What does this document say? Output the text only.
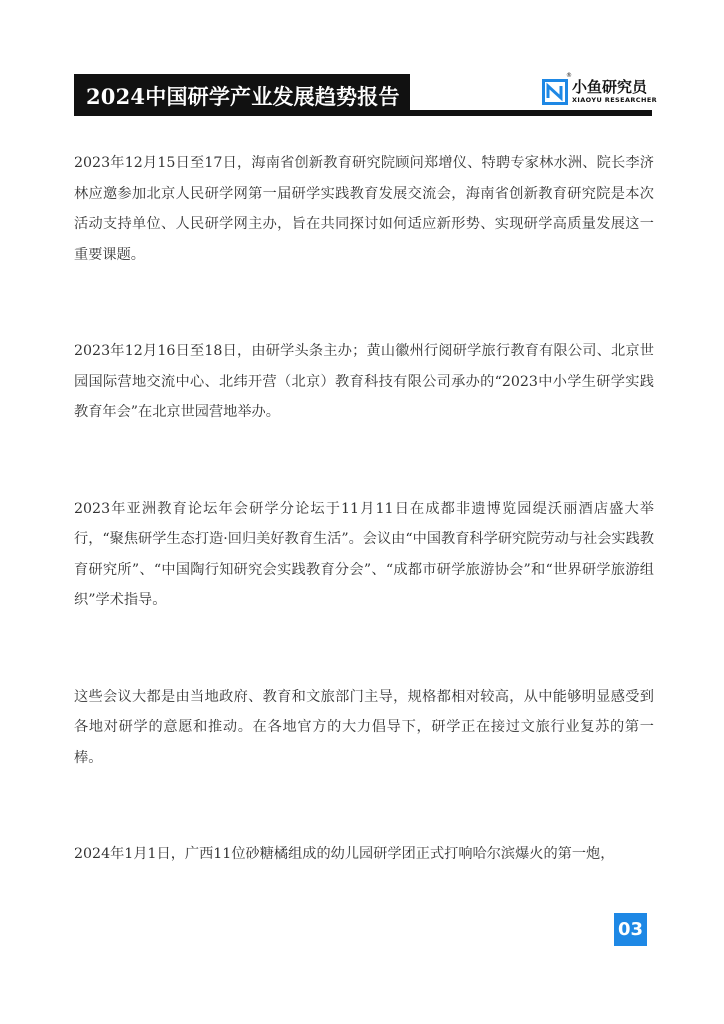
2024中国研学产业发展趋势报告	小鱼研究员
®
XIAOYU RESEARCHER

2023年12月15日至17日，海南省创新教育研究院顾问郑增仪、特聘专家林水洲、院长李济林应邀参加北京人民研学网第一届研学实践教育发展交流会，海南省创新教育研究院是本次活动支持单位、人民研学网主办，旨在共同探讨如何适应新形势、实现研学高质量发展这一重要课题。

2023年12月16日至18日，由研学头条主办；黄山徽州行阅研学旅行教育有限公司、北京世园国际营地交流中心、北纬开营（北京）教育科技有限公司承办的“2023中小学生研学实践教育年会”在北京世园营地举办。

2023年亚洲教育论坛年会研学分论坛于11月11日在成都非遗博览园缇沃丽酒店盛大举行，“聚焦研学生态打造·回归美好教育生活”。会议由“中国教育科学研究院劳动与社会实践教育研究所”、“中国陶行知研究会实践教育分会”、“成都市研学旅游协会”和“世界研学旅游组织”学术指导。

这些会议大都是由当地政府、教育和文旅部门主导，规格都相对较高，从中能够明显感受到各地对研学的意愿和推动。在各地官方的大力倡导下，研学正在接过文旅行业复苏的第一棒。

2024年1月1日，广西11位砂糖橘组成的幼儿园研学团正式打响哈尔滨爆火的第一炮，

03
